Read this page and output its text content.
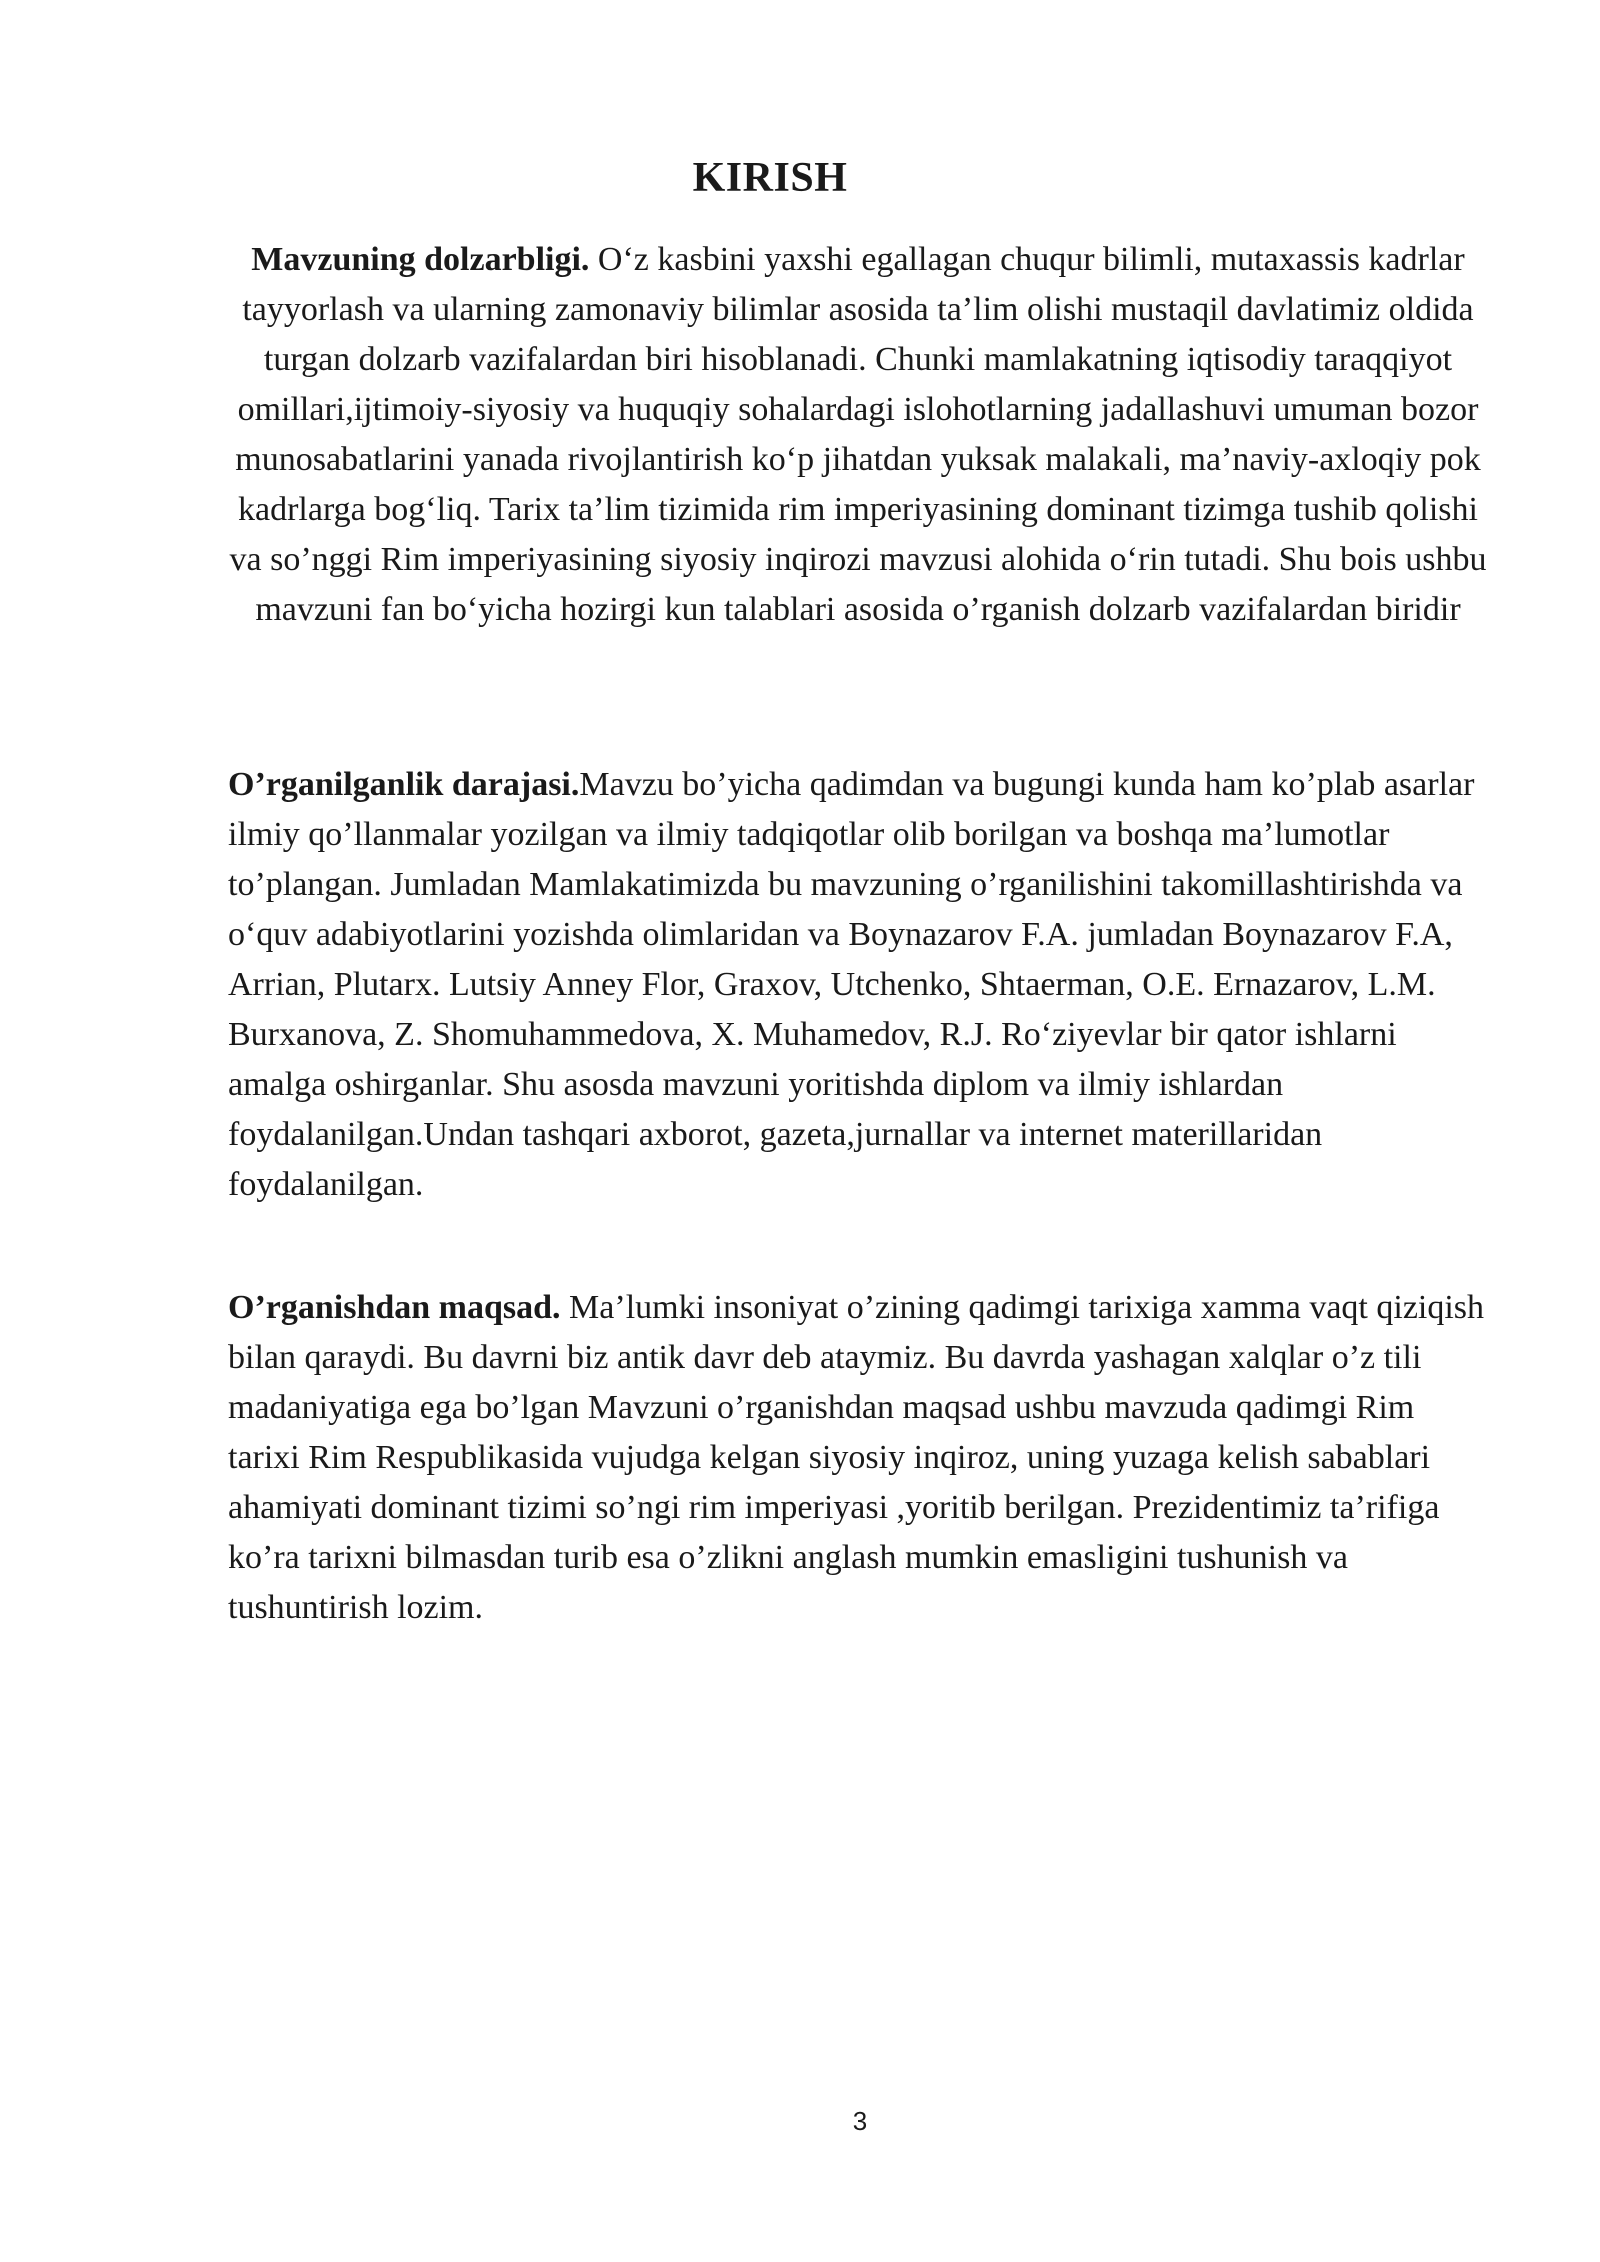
KIRISH

Mavzuning dolzarbligi. O‘z kasbini yaxshi egallagan chuqur bilimli, mutaxassis kadrlar tayyorlash va ularning zamonaviy bilimlar asosida ta’lim olishi mustaqil davlatimiz oldida turgan dolzarb vazifalardan biri hisoblanadi. Chunki mamlakatning iqtisodiy taraqqiyot omillari,ijtimoiy-siyosiy va huquqiy sohalardagi islohotlarning jadallashuvi umuman bozor munosabatlarini yanada rivojlantirish ko‘p jihatdan yuksak malakali, ma’naviy-axloqiy pok kadrlarga bog‘liq. Tarix ta’lim tizimida rim imperiyasining dominant tizimga tushib qolishi va so’nggi Rim imperiyasining siyosiy inqirozi mavzusi alohida o‘rin tutadi. Shu bois ushbu mavzuni fan bo‘yicha hozirgi kun talablari asosida o’rganish dolzarb vazifalardan biridir

O’rganilganlik darajasi.Mavzu bo’yicha qadimdan va bugungi kunda ham ko’plab asarlar ilmiy qo’llanmalar yozilgan va ilmiy tadqiqotlar olib borilgan va boshqa ma’lumotlar to’plangan. Jumladan Mamlakatimizda bu mavzuning o’rganilishini takomillashtirishda va o‘quv adabiyotlarini yozishda olimlaridan va Boynazarov F.A. jumladan Boynazarov F.A, Arrian, Plutarx. Lutsiy Anney Flor, Graxov, Utchenko, Shtaerman, O.E. Ernazarov, L.M. Burxanova, Z. Shomuhammedova, X. Muhamedov, R.J. Ro‘ziyevlar bir qator ishlarni amalga oshirganlar. Shu asosda mavzuni yoritishda diplom va ilmiy ishlardan foydalanilgan.Undan tashqari axborot, gazeta,jurnallar va internet materillaridan foydalanilgan.

O’rganishdan maqsad. Ma’lumki insoniyat o’zining qadimgi tarixiga xamma vaqt qiziqish bilan qaraydi. Bu davrni biz antik davr deb ataymiz. Bu davrda yashagan xalqlar o’z tili madaniyatiga ega bo’lgan Mavzuni o’rganishdan maqsad ushbu mavzuda qadimgi Rim tarixi Rim Respublikasida vujudga kelgan siyosiy inqiroz, uning yuzaga kelish sabablari ahamiyati dominant tizimi so’ngi rim imperiyasi ,yoritib berilgan. Prezidentimiz ta’rifiga ko’ra tarixni bilmasdan turib esa o’zlikni anglash mumkin emasligini tushunish va tushuntirish lozim.

3
